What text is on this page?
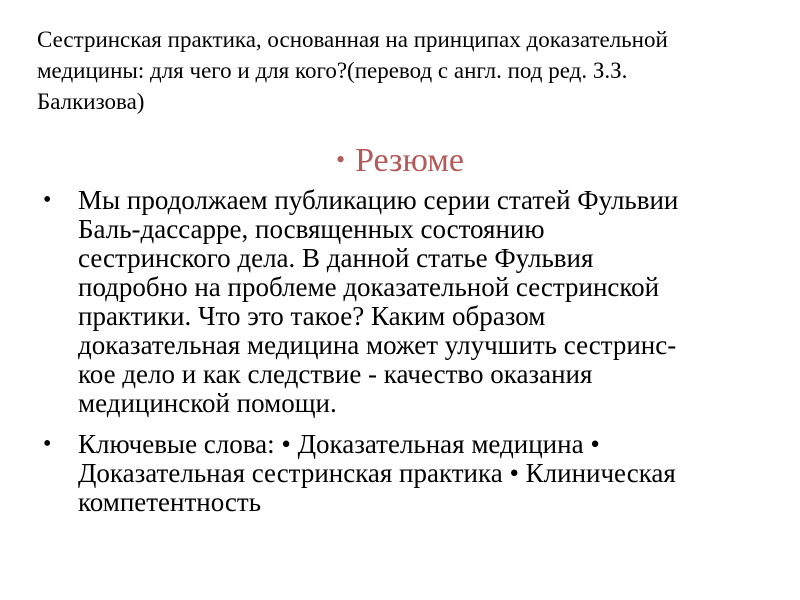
Сестринская практика, основанная на принципах доказательной
медицины: для чего и для кого?(перевод с англ. под ред. З.З.
Балкизова)
• Резюме
• Мы продолжаем публикацию серии статей Фульвии
Баль-дассарре, посвященных состоянию
сестринского дела. В данной статье Фульвия
подробно на проблеме доказательной сестринской
практики. Что это такое? Каким образом
доказательная медицина может улучшить сестринс-
кое дело и как следствие - качество оказания
медицинской помощи.
• Ключевые слова: • Доказательная медицина •
Доказательная сестринская практика • Клиническая
компетентность
